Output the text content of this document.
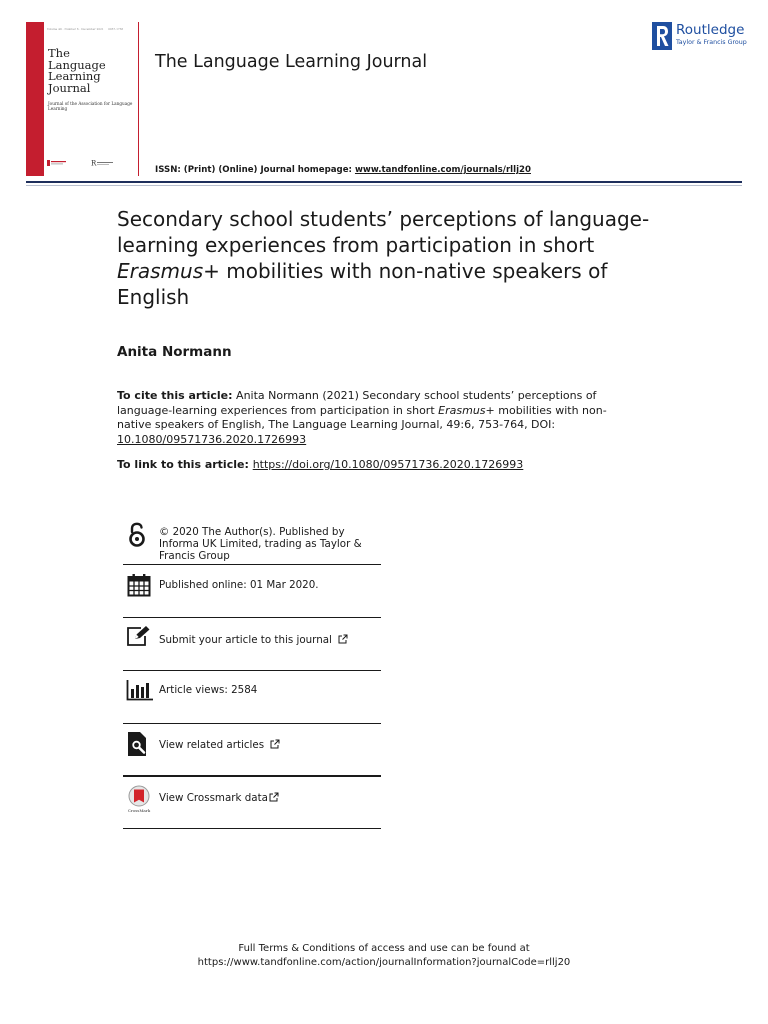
Volume 49 · Number 6 · December 2021 0957-1736
The
Language
Learning
Journal
Journal of the Association for Language Learning
R
The Language Learning Journal
Routledge
Taylor & Francis Group
ISSN: (Print) (Online) Journal homepage: www.tandfonline.com/journals/rllj20
Secondary school students’ perceptions of language-learning experiences from participation in short Erasmus+ mobilities with non-native speakers of English
Anita Normann
To cite this article: Anita Normann (2021) Secondary school students’ perceptions of language-learning experiences from participation in short Erasmus+ mobilities with non-native speakers of English, The Language Learning Journal, 49:6, 753-764, DOI: 10.1080/09571736.2020.1726993
To link to this article: https://doi.org/10.1080/09571736.2020.1726993
© 2020 The Author(s). Published by Informa UK Limited, trading as Taylor & Francis Group
Published online: 01 Mar 2020.
Submit your article to this journal
Article views: 2584
View related articles
CrossMark
View Crossmark data
Full Terms & Conditions of access and use can be found at
https://www.tandfonline.com/action/journalInformation?journalCode=rllj20
